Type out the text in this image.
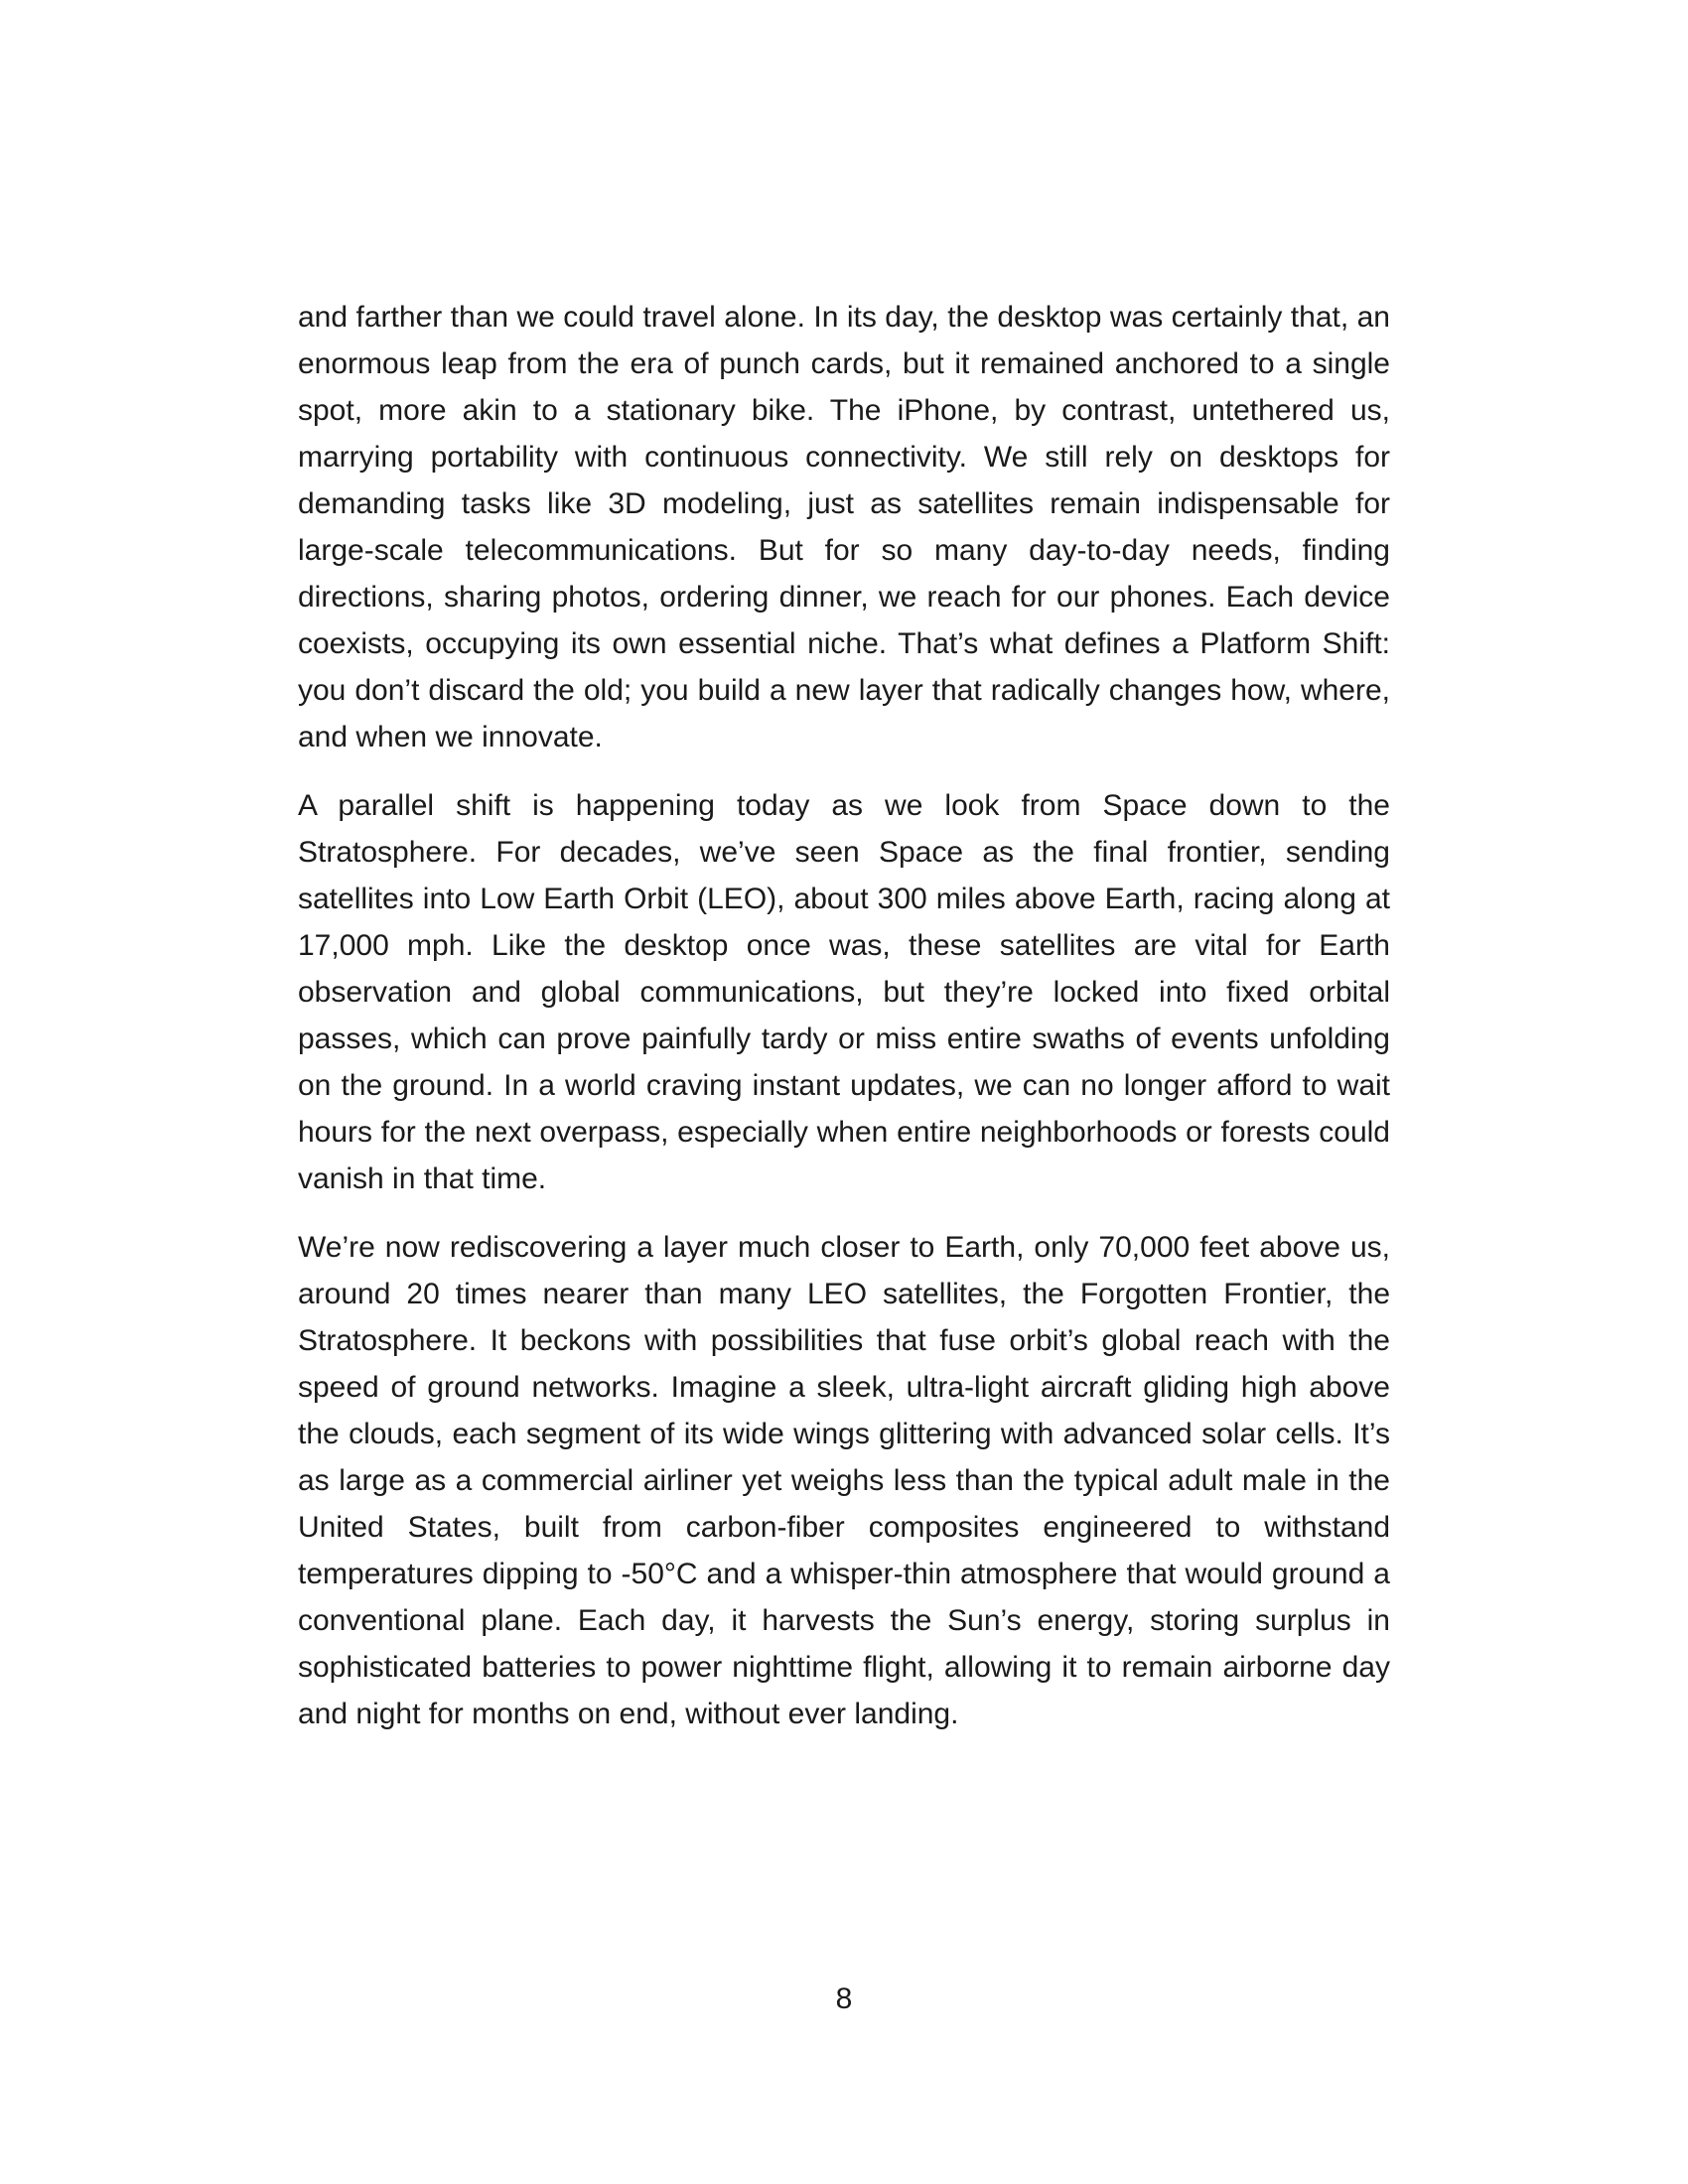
and farther than we could travel alone. In its day, the desktop was certainly that, an enormous leap from the era of punch cards, but it remained anchored to a single spot, more akin to a stationary bike. The iPhone, by contrast, untethered us, marrying portability with continuous connectivity. We still rely on desktops for demanding tasks like 3D modeling, just as satellites remain indispensable for large-scale telecommunications. But for so many day-to-day needs, finding directions, sharing photos, ordering dinner, we reach for our phones. Each device coexists, occupying its own essential niche. That’s what defines a Platform Shift: you don’t discard the old; you build a new layer that radically changes how, where, and when we innovate.

A parallel shift is happening today as we look from Space down to the Stratosphere. For decades, we’ve seen Space as the final frontier, sending satellites into Low Earth Orbit (LEO), about 300 miles above Earth, racing along at 17,000 mph. Like the desktop once was, these satellites are vital for Earth observation and global communications, but they’re locked into fixed orbital passes, which can prove painfully tardy or miss entire swaths of events unfolding on the ground. In a world craving instant updates, we can no longer afford to wait hours for the next overpass, especially when entire neighborhoods or forests could vanish in that time.

We’re now rediscovering a layer much closer to Earth, only 70,000 feet above us, around 20 times nearer than many LEO satellites, the Forgotten Frontier, the Stratosphere. It beckons with possibilities that fuse orbit’s global reach with the speed of ground networks. Imagine a sleek, ultra-light aircraft gliding high above the clouds, each segment of its wide wings glittering with advanced solar cells. It’s as large as a commercial airliner yet weighs less than the typical adult male in the United States, built from carbon-fiber composites engineered to withstand temperatures dipping to -50°C and a whisper-thin atmosphere that would ground a conventional plane. Each day, it harvests the Sun’s energy, storing surplus in sophisticated batteries to power nighttime flight, allowing it to remain airborne day and night for months on end, without ever landing.

8
